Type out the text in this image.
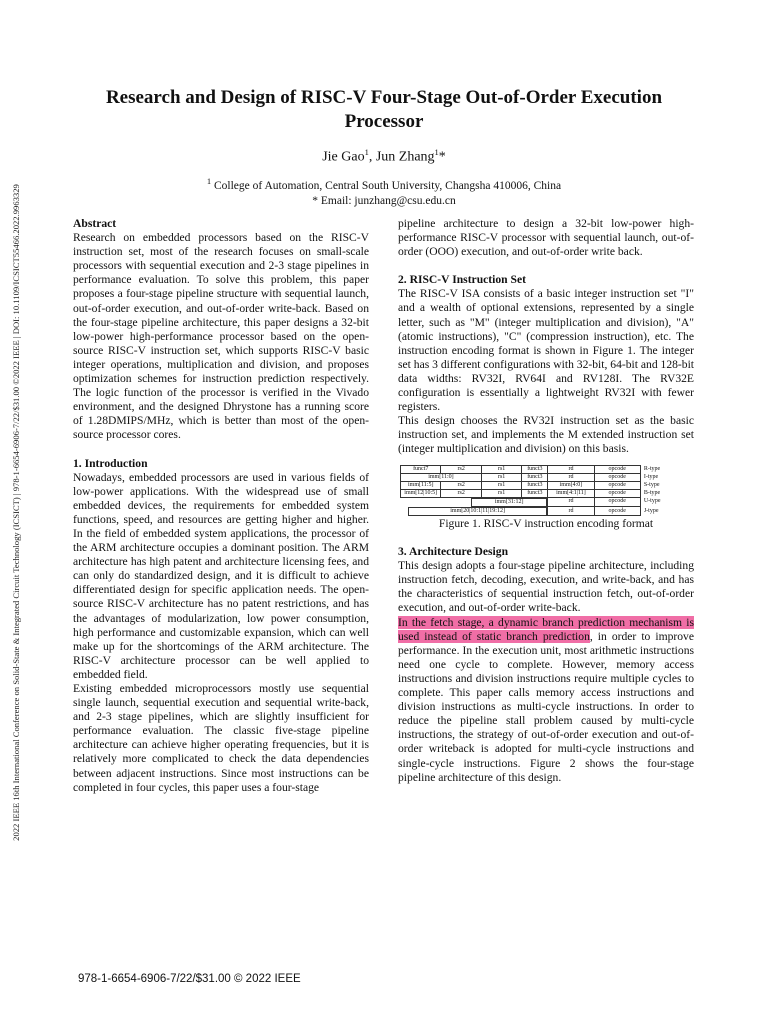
2022 IEEE 16th International Conference on Solid-State & Integrated Circuit Technology (ICSICT) | 978-1-6654-6906-7/22/$31.00 ©2022 IEEE | DOI: 10.1109/ICSICT55466.2022.9963329
Research and Design of RISC-V Four-Stage Out-of-Order Execution Processor
Jie Gao$^1$, Jun Zhang$^1$*
$^1$ College of Automation, Central South University, Changsha 410006, China
* Email: junzhang@csu.edu.cn
Abstract

Research on embedded processors based on the RISC-V instruction set, most of the research focuses on small-scale processors with sequential execution and 2-3 stage pipelines in performance evaluation. To solve this problem, this paper proposes a four-stage pipeline structure with sequential launch, out-of-order execution, and out-of-order write-back. Based on the four-stage pipeline architecture, this paper designs a 32-bit low-power high-performance processor based on the open-source RISC-V instruction set, which supports RISC-V basic integer operations, multiplication and division, and proposes optimization schemes for instruction prediction respectively. The logic function of the processor is verified in the Vivado environment, and the designed Dhrystone has a running score of 1.28DMIPS/MHz, which is better than most of the open-source processor cores.

1. Introduction

Nowadays, embedded processors are used in various fields of low-power applications. With the widespread use of small embedded devices, the requirements for embedded system functions, speed, and resources are getting higher and higher. In the field of embedded system applications, the processor of the ARM architecture occupies a dominant position. The ARM architecture has high patent and architecture licensing fees, and can only do standardized design, and it is difficult to achieve differentiated design for specific application needs. The open-source RISC-V architecture has no patent restrictions, and has the advantages of modularization, low power consumption, high performance and customizable expansion, which can well make up for the shortcomings of the ARM architecture. The RISC-V architecture processor can be well applied to embedded field.

Existing embedded microprocessors mostly use sequential single launch, sequential execution and sequential write-back, and 2-3 stage pipelines, which are slightly insufficient for performance evaluation. The classic five-stage pipeline architecture can achieve higher operating frequencies, but it is relatively more complicated to check the data dependencies between adjacent instructions. Since most instructions can be completed in four cycles, this paper uses a four-stage

pipeline architecture to design a 32-bit low-power high-performance RISC-V processor with sequential launch, out-of-order (OOO) execution, and out-of-order write back.

2. RISC-V Instruction Set

The RISC-V ISA consists of a basic integer instruction set "I" and a wealth of optional extensions, represented by a single letter, such as "M" (integer multiplication and division), "A" (atomic instructions), "C" (compression instruction), etc. The instruction encoding format is shown in Figure 1. The integer set has 3 different configurations with 32-bit, 64-bit and 128-bit data widths: RV32I, RV64I and RV128I. The RV32E configuration is essentially a lightweight RV32I with fewer registers.

This design chooses the RV32I instruction set as the basic instruction set, and implements the M extended instruction set (integer multiplication and division) on this basis.

funct7	rs2	rs1	funct3	rd	opcode	R-type
imm[11:0]		rs1	funct3	rd	opcode	I-type
imm[11:5]	rs2	rs1	funct3	imm[4:0]	opcode	S-type
imm[12|10:5]	rs2	rs1	funct3	imm[4:1|11]	opcode	B-type

imm[31:12]				rd	opcode	U-type

imm[20|10:1|11|19:12]				rd	opcode	J-type

Figure 1. RISC-V instruction encoding format

3. Architecture Design

This design adopts a four-stage pipeline architecture, including instruction fetch, decoding, execution, and write-back, and has the characteristics of sequential instruction fetch, out-of-order execution, and out-of-order write-back.

In the fetch stage, a dynamic branch prediction mechanism is used instead of static branch prediction, in order to improve performance. In the execution unit, most arithmetic instructions need one cycle to complete. However, memory access instructions and division instructions require multiple cycles to complete. This paper calls memory access instructions and division instructions as multi-cycle instructions. In order to reduce the pipeline stall problem caused by multi-cycle instructions, the strategy of out-of-order execution and out-of-order writeback is adopted for multi-cycle instructions and single-cycle instructions. Figure 2 shows the four-stage pipeline architecture of this design.

978-1-6654-6906-7/22/$31.00 © 2022 IEEE
